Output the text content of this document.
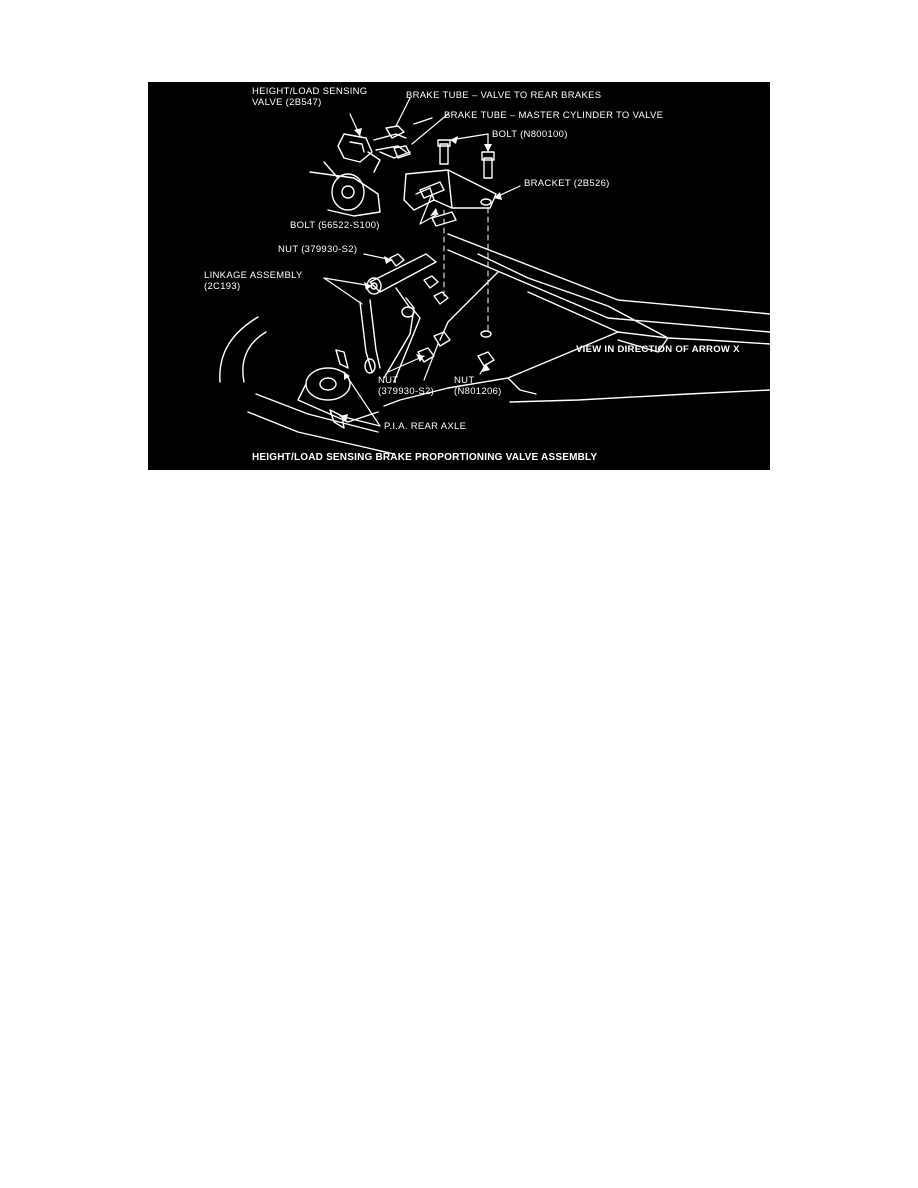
HEIGHT/LOAD SENSING
VALVE (2B547)
BRAKE TUBE – VALVE TO REAR BRAKES
BRAKE TUBE – MASTER CYLINDER TO VALVE
BOLT (N800100)
BRACKET (2B526)
BOLT (56522-S100)
NUT (379930-S2)
LINKAGE ASSEMBLY
(2C193)
VIEW IN DIRECTION OF ARROW X
NUT
(379930-S2)
NUT
(N801206)
P.I.A. REAR AXLE
HEIGHT/LOAD SENSING BRAKE PROPORTIONING VALVE ASSEMBLY
